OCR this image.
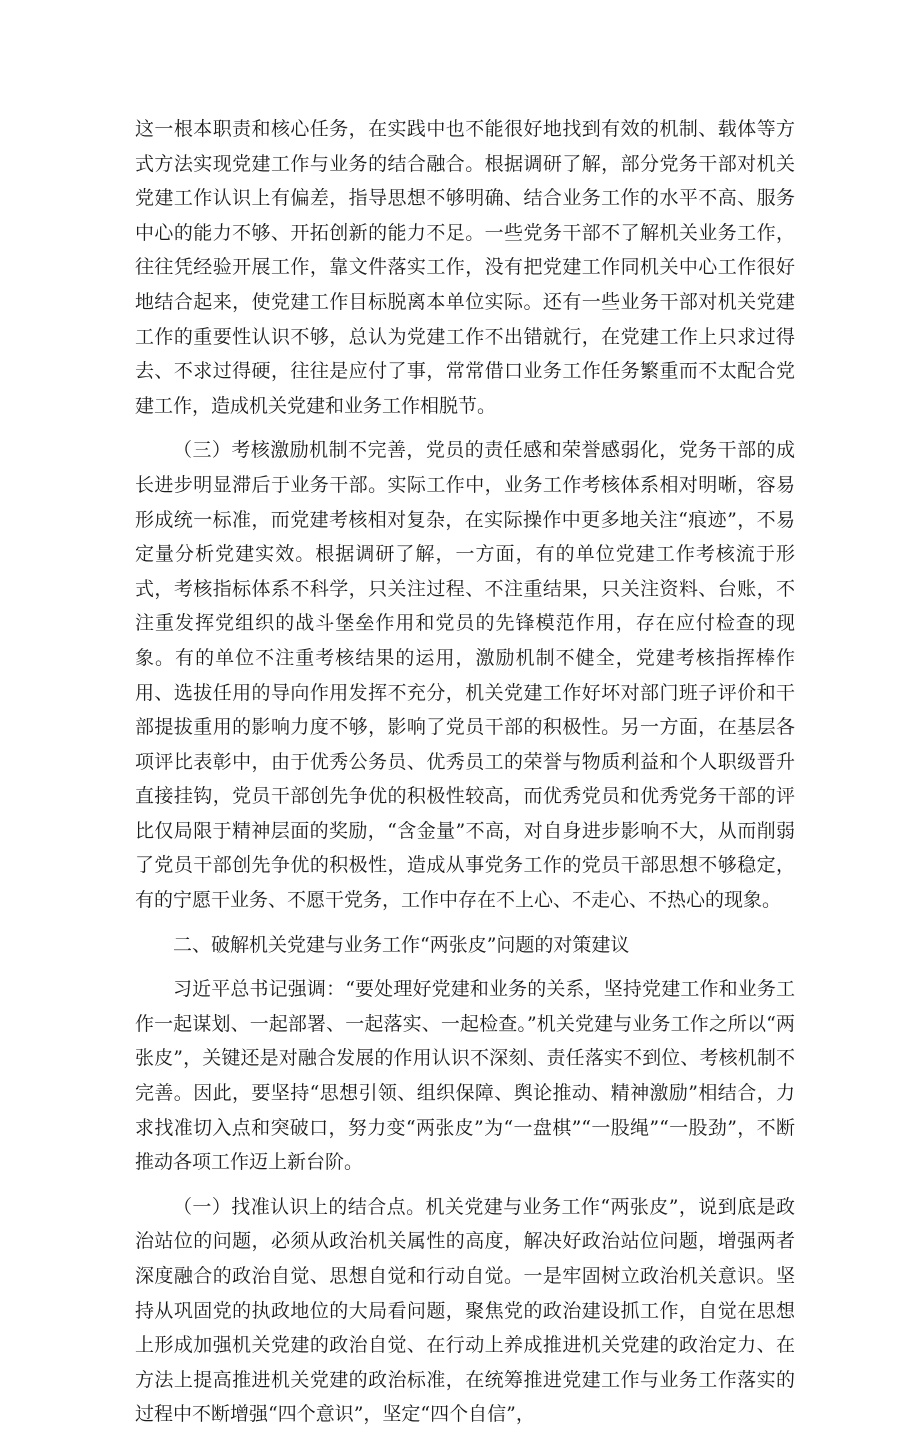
这一根本职责和核心任务，在实践中也不能很好地找到有效的机制、载体等方式方法实现党建工作与业务的结合融合。根据调研了解，部分党务干部对机关党建工作认识上有偏差，指导思想不够明确、结合业务工作的水平不高、服务中心的能力不够、开拓创新的能力不足。一些党务干部不了解机关业务工作，往往凭经验开展工作，靠文件落实工作，没有把党建工作同机关中心工作很好地结合起来，使党建工作目标脱离本单位实际。还有一些业务干部对机关党建工作的重要性认识不够，总认为党建工作不出错就行，在党建工作上只求过得去、不求过得硬，往往是应付了事，常常借口业务工作任务繁重而不太配合党建工作，造成机关党建和业务工作相脱节。

（三）考核激励机制不完善，党员的责任感和荣誉感弱化，党务干部的成长进步明显滞后于业务干部。实际工作中，业务工作考核体系相对明晰，容易形成统一标准，而党建考核相对复杂，在实际操作中更多地关注“痕迹”，不易定量分析党建实效。根据调研了解，一方面，有的单位党建工作考核流于形式，考核指标体系不科学，只关注过程、不注重结果，只关注资料、台账，不注重发挥党组织的战斗堡垒作用和党员的先锋模范作用，存在应付检查的现象。有的单位不注重考核结果的运用，激励机制不健全，党建考核指挥棒作用、选拔任用的导向作用发挥不充分，机关党建工作好坏对部门班子评价和干部提拔重用的影响力度不够，影响了党员干部的积极性。另一方面，在基层各项评比表彰中，由于优秀公务员、优秀员工的荣誉与物质利益和个人职级晋升直接挂钩，党员干部创先争优的积极性较高，而优秀党员和优秀党务干部的评比仅局限于精神层面的奖励，“含金量”不高，对自身进步影响不大，从而削弱了党员干部创先争优的积极性，造成从事党务工作的党员干部思想不够稳定，有的宁愿干业务、不愿干党务，工作中存在不上心、不走心、不热心的现象。

二、破解机关党建与业务工作“两张皮”问题的对策建议

习近平总书记强调：“要处理好党建和业务的关系，坚持党建工作和业务工作一起谋划、一起部署、一起落实、一起检查。”机关党建与业务工作之所以“两张皮”，关键还是对融合发展的作用认识不深刻、责任落实不到位、考核机制不完善。因此，要坚持“思想引领、组织保障、舆论推动、精神激励”相结合，力求找准切入点和突破口，努力变“两张皮”为“一盘棋”“一股绳”“一股劲”，不断推动各项工作迈上新台阶。

（一）找准认识上的结合点。机关党建与业务工作“两张皮”，说到底是政治站位的问题，必须从政治机关属性的高度，解决好政治站位问题，增强两者深度融合的政治自觉、思想自觉和行动自觉。一是牢固树立政治机关意识。坚持从巩固党的执政地位的大局看问题，聚焦党的政治建设抓工作，自觉在思想上形成加强机关党建的政治自觉、在行动上养成推进机关党建的政治定力、在方法上提高推进机关党建的政治标准，在统筹推进党建工作与业务工作落实的过程中不断增强“四个意识”，坚定“四个自信”，
